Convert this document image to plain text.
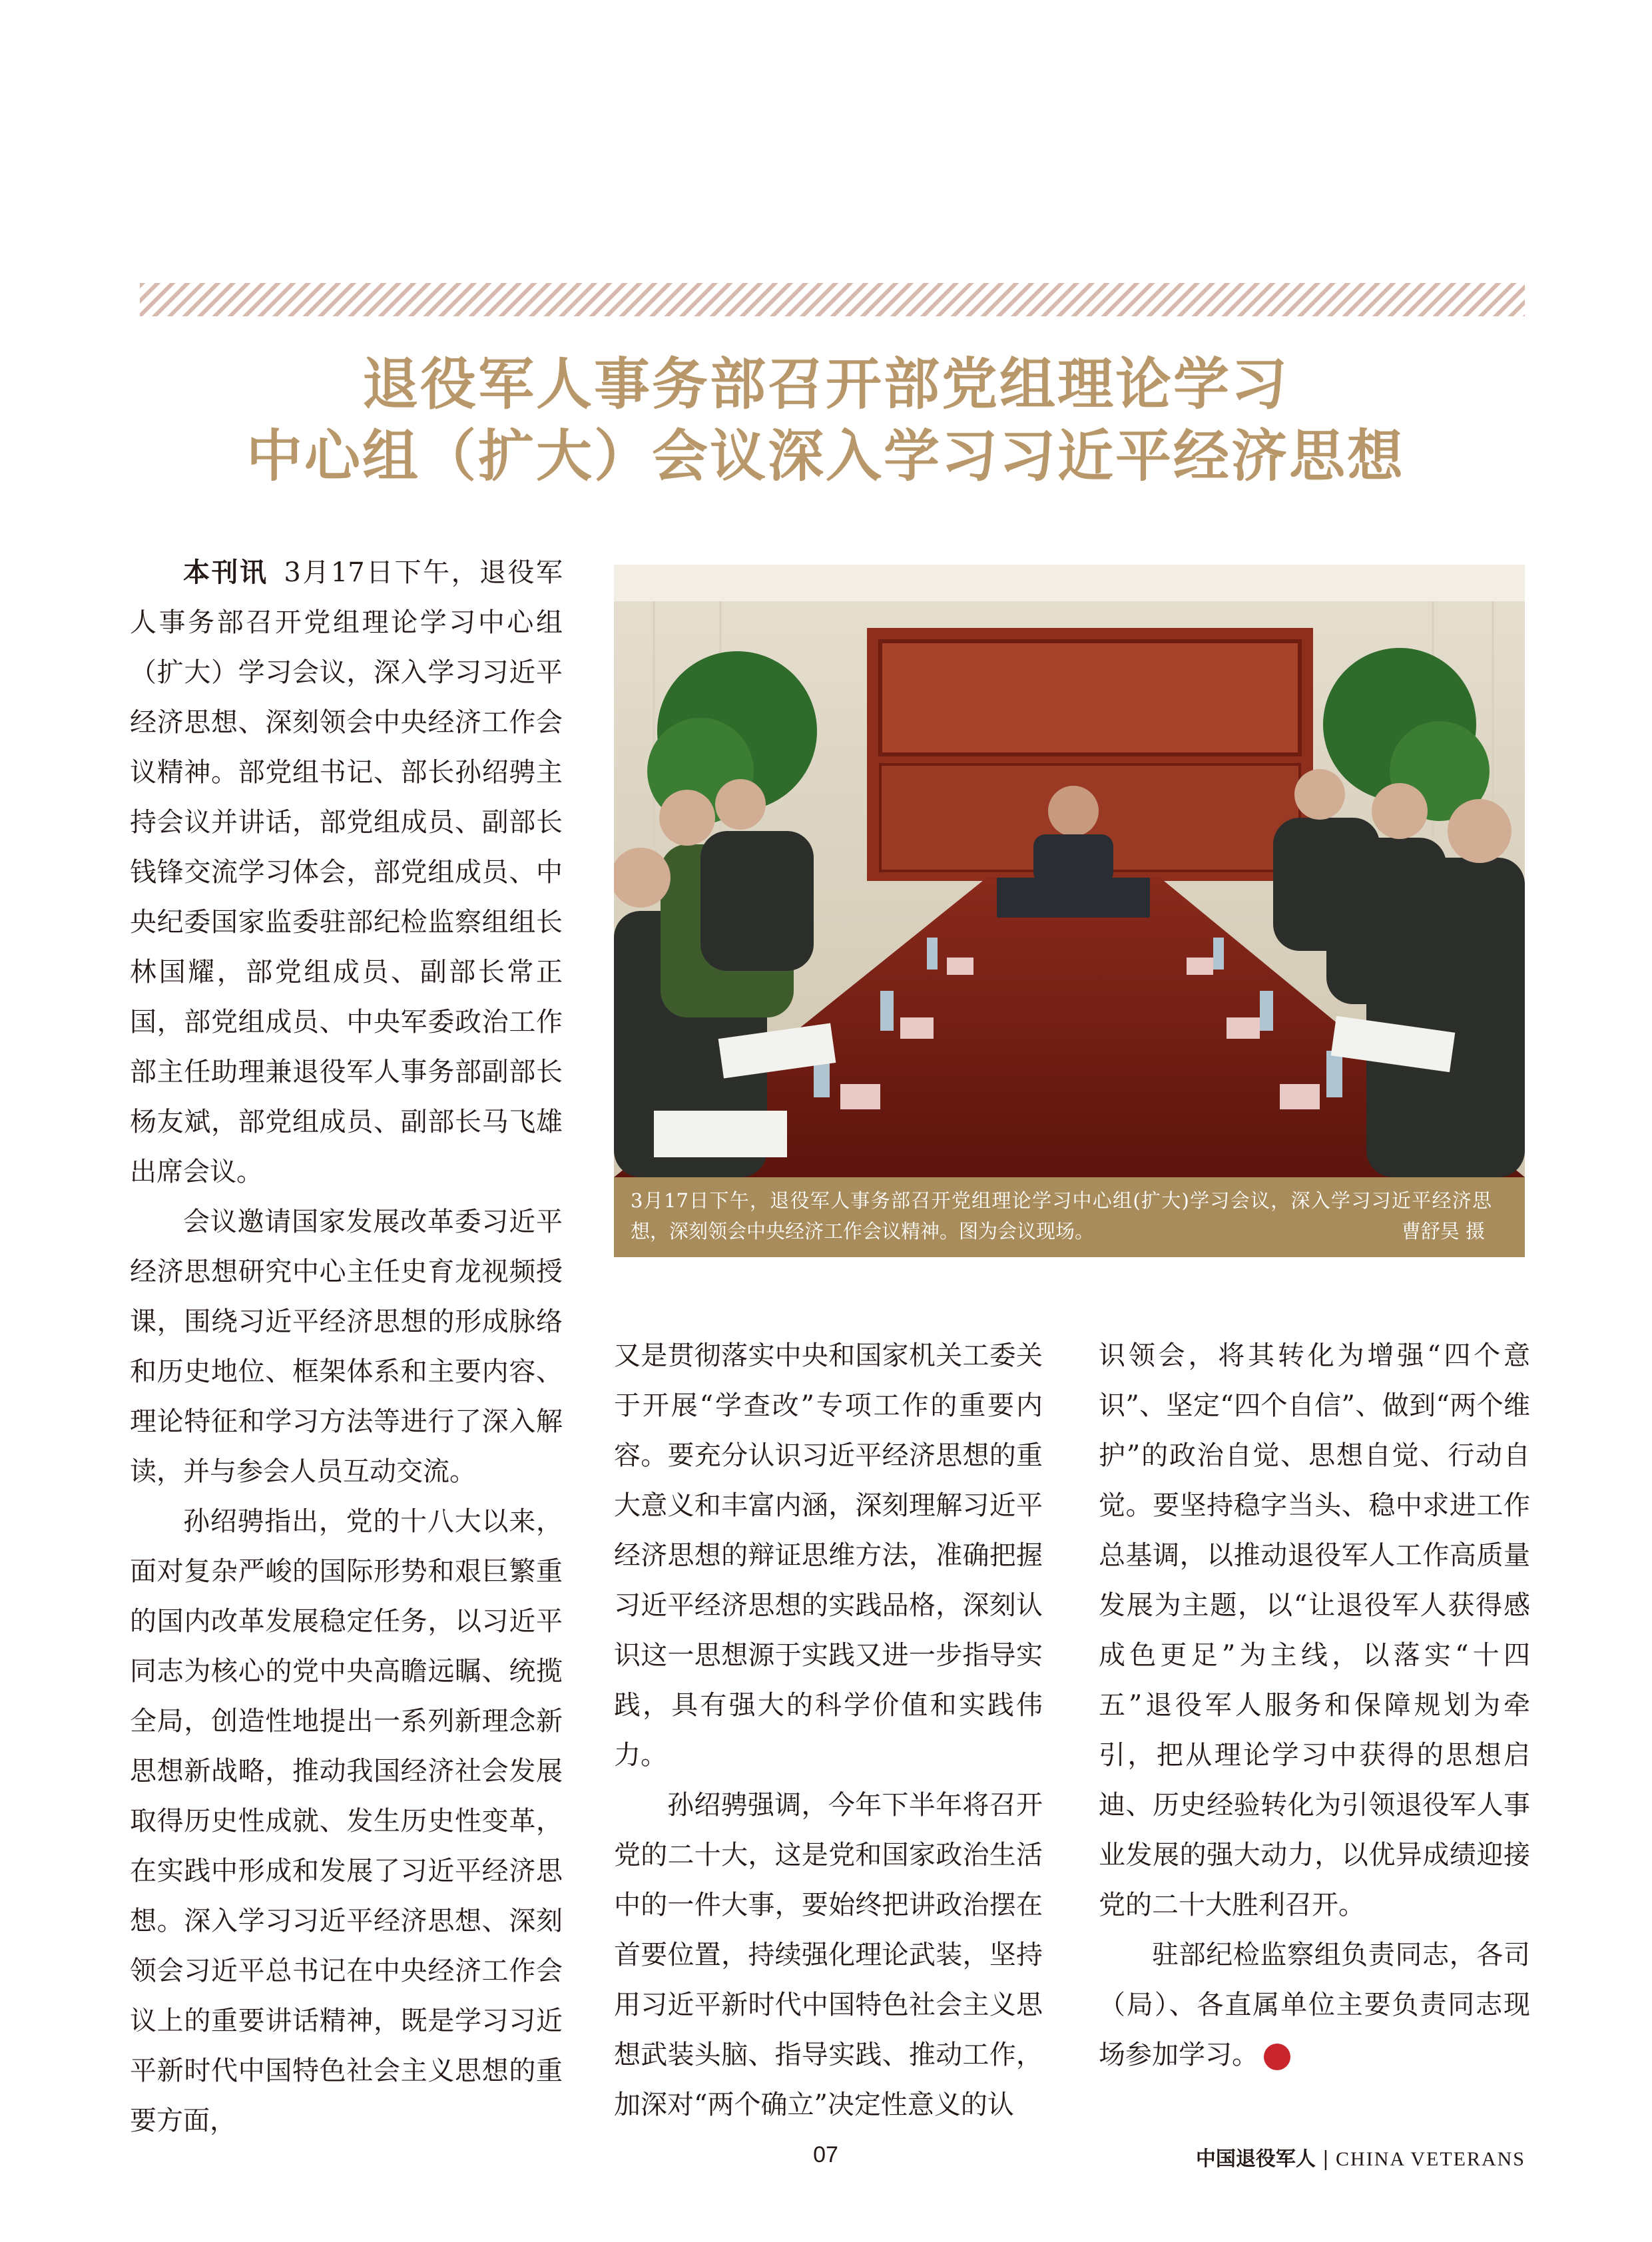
退役军人事务部召开部党组理论学习
中心组（扩大）会议深入学习习近平经济思想

本刊讯 3月17日下午，退役军人事务部召开党组理论学习中心组（扩大）学习会议，深入学习习近平经济思想、深刻领会中央经济工作会议精神。部党组书记、部长孙绍骋主持会议并讲话，部党组成员、副部长钱锋交流学习体会，部党组成员、中央纪委国家监委驻部纪检监察组组长林国耀，部党组成员、副部长常正国，部党组成员、中央军委政治工作部主任助理兼退役军人事务部副部长杨友斌，部党组成员、副部长马飞雄出席会议。

会议邀请国家发展改革委习近平经济思想研究中心主任史育龙视频授课，围绕习近平经济思想的形成脉络和历史地位、框架体系和主要内容、理论特征和学习方法等进行了深入解读，并与参会人员互动交流。

孙绍骋指出，党的十八大以来，面对复杂严峻的国际形势和艰巨繁重的国内改革发展稳定任务，以习近平同志为核心的党中央高瞻远瞩、统揽全局，创造性地提出一系列新理念新思想新战略，推动我国经济社会发展取得历史性成就、发生历史性变革，在实践中形成和发展了习近平经济思想。深入学习习近平经济思想、深刻领会习近平总书记在中央经济工作会议上的重要讲话精神，既是学习习近平新时代中国特色社会主义思想的重要方面，

3月17日下午，退役军人事务部召开党组理论学习中心组(扩大)学习会议，深入学习习近平经济思想，深刻领会中央经济工作会议精神。图为会议现场。	曹舒昊 摄

又是贯彻落实中央和国家机关工委关于开展“学查改”专项工作的重要内容。要充分认识习近平经济思想的重大意义和丰富内涵，深刻理解习近平经济思想的辩证思维方法，准确把握习近平经济思想的实践品格，深刻认识这一思想源于实践又进一步指导实践，具有强大的科学价值和实践伟力。

孙绍骋强调，今年下半年将召开党的二十大，这是党和国家政治生活中的一件大事，要始终把讲政治摆在首要位置，持续强化理论武装，坚持用习近平新时代中国特色社会主义思想武装头脑、指导实践、推动工作，加深对“两个确立”决定性意义的认

识领会，将其转化为增强“四个意识”、坚定“四个自信”、做到“两个维护”的政治自觉、思想自觉、行动自觉。要坚持稳字当头、稳中求进工作总基调，以推动退役军人工作高质量发展为主题，以“让退役军人获得感成色更足”为主线，以落实“十四五”退役军人服务和保障规划为牵引，把从理论学习中获得的思想启迪、历史经验转化为引领退役军人事业发展的强大动力，以优异成绩迎接党的二十大胜利召开。

驻部纪检监察组负责同志，各司（局）、各直属单位主要负责同志现场参加学习。	V

07	中国退役军人 | CHINA VETERANS
